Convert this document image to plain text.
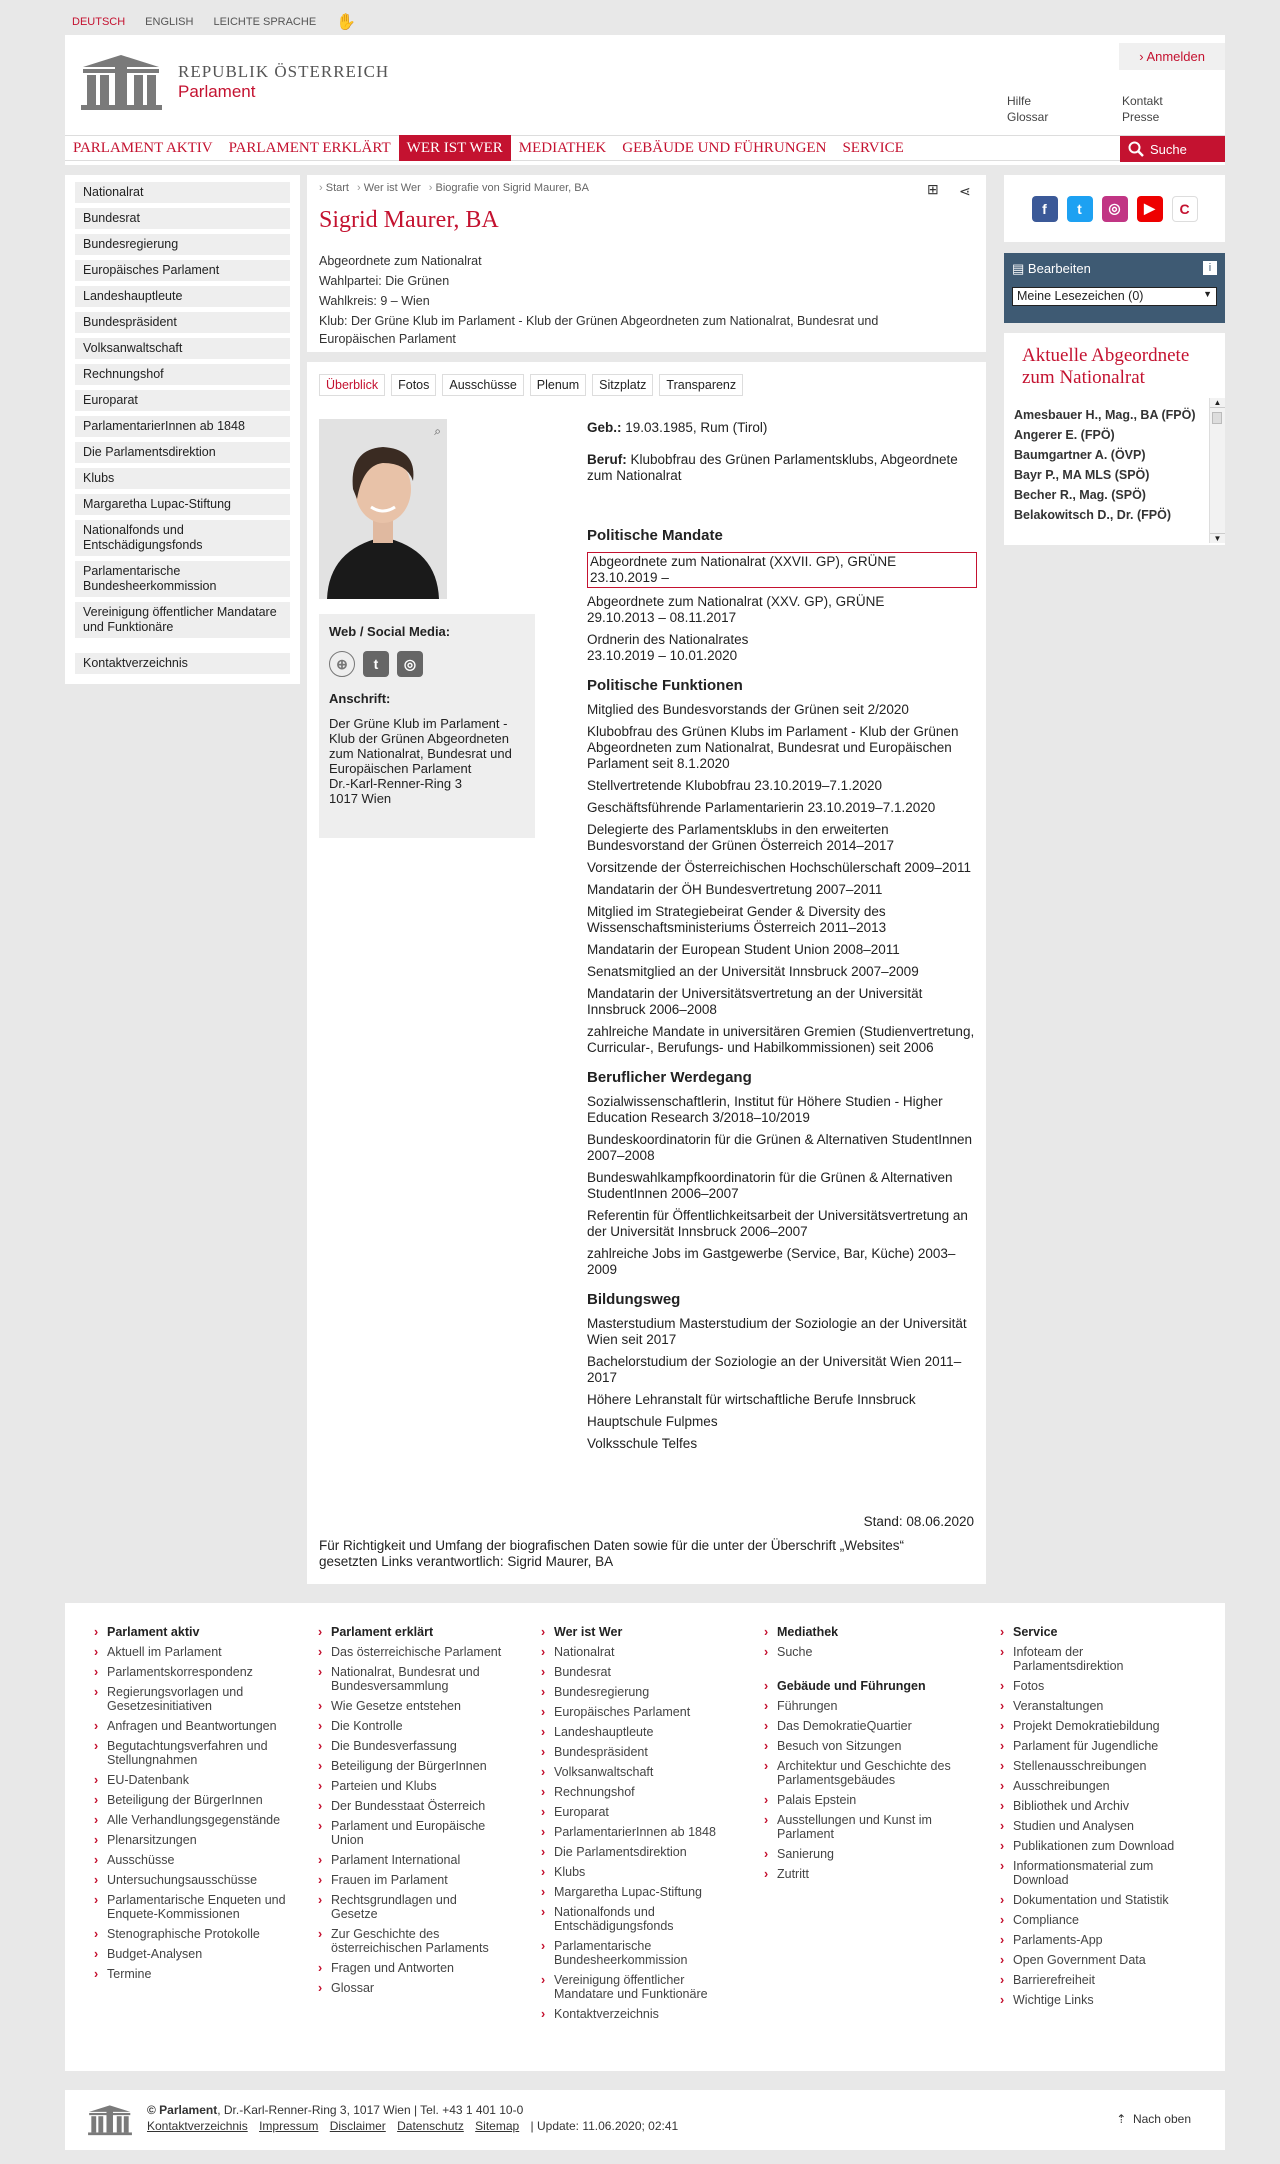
DEUTSCH ENGLISH LEICHTE SPRACHE ✋
REPUBLIK ÖSTERREICH
Parlament
› Anmelden
Hilfe
Glossar
Kontakt
Presse
PARLAMENT AKTIV	PARLAMENT ERKLÄRT	WER IST WER	MEDIATHEK	GEBÄUDE UND FÜHRUNGEN	SERVICE	Suche
Nationalrat
Bundesrat
Bundesregierung
Europäisches Parlament
Landeshauptleute
Bundespräsident
Volksanwaltschaft
Rechnungshof
Europarat
ParlamentarierInnen ab 1848
Die Parlamentsdirektion
Klubs
Margaretha Lupac-Stiftung
Nationalfonds und Entschädigungsfonds
Parlamentarische Bundesheerkommission
Vereinigung öffentlicher Mandatare und Funktionäre
Kontaktverzeichnis
› Start	› Wer ist Wer	› Biografie von Sigrid Maurer, BA	⊞ ⋖
Sigrid Maurer, BA
Abgeordnete zum Nationalrat
Wahlpartei: Die Grünen
Wahlkreis: 9 – Wien
Klub: Der Grüne Klub im Parlament - Klub der Grünen Abgeordneten zum Nationalrat, Bundesrat und Europäischen Parlament
Überblick	Fotos	Ausschüsse	Plenum	Sitzplatz	Transparenz
⌕
Web / Social Media:
⊕	t	◎
Anschrift:
Der Grüne Klub im Parlament - Klub der Grünen Abgeordneten zum Nationalrat, Bundesrat und Europäischen Parlament
Dr.-Karl-Renner-Ring 3
1017 Wien
Geb.: 19.03.1985, Rum (Tirol)
Beruf: Klubobfrau des Grünen Parlamentsklubs, Abgeordnete zum Nationalrat
Politische Mandate
Abgeordnete zum Nationalrat (XXVII. GP), GRÜNE
23.10.2019 –
Abgeordnete zum Nationalrat (XXV. GP), GRÜNE
29.10.2013 – 08.11.2017
Ordnerin des Nationalrates
23.10.2019 – 10.01.2020
Politische Funktionen
Mitglied des Bundesvorstands der Grünen seit 2/2020
Klubobfrau des Grünen Klubs im Parlament - Klub der Grünen Abgeordneten zum Nationalrat, Bundesrat und Europäischen Parlament seit 8.1.2020
Stellvertretende Klubobfrau 23.10.2019–7.1.2020
Geschäftsführende Parlamentarierin 23.10.2019–7.1.2020
Delegierte des Parlamentsklubs in den erweiterten Bundesvorstand der Grünen Österreich 2014–2017
Vorsitzende der Österreichischen Hochschülerschaft 2009–2011
Mandatarin der ÖH Bundesvertretung 2007–2011
Mitglied im Strategiebeirat Gender & Diversity des Wissenschaftsministeriums Österreich 2011–2013
Mandatarin der European Student Union 2008–2011
Senatsmitglied an der Universität Innsbruck 2007–2009
Mandatarin der Universitätsvertretung an der Universität Innsbruck 2006–2008
zahlreiche Mandate in universitären Gremien (Studienvertretung, Curricular-, Berufungs- und Habilkommissionen) seit 2006
Beruflicher Werdegang
Sozialwissenschaftlerin, Institut für Höhere Studien - Higher Education Research 3/2018–10/2019
Bundeskoordinatorin für die Grünen & Alternativen StudentInnen 2007–2008
Bundeswahlkampfkoordinatorin für die Grünen & Alternativen StudentInnen 2006–2007
Referentin für Öffentlichkeitsarbeit der Universitätsvertretung an der Universität Innsbruck 2006–2007
zahlreiche Jobs im Gastgewerbe (Service, Bar, Küche) 2003–2009
Bildungsweg
Masterstudium Masterstudium der Soziologie an der Universität Wien seit 2017
Bachelorstudium der Soziologie an der Universität Wien 2011–2017
Höhere Lehranstalt für wirtschaftliche Berufe Innsbruck
Hauptschule Fulpmes
Volksschule Telfes
Stand: 08.06.2020
Für Richtigkeit und Umfang der biografischen Daten sowie für die unter der Überschrift „Websites“ gesetzten Links verantwortlich: Sigrid Maurer, BA
f	t	◎	▶	C
▤ Bearbeiten	i
Meine Lesezeichen (0)	▼
Aktuelle Abgeordnete zum Nationalrat
Amesbauer H., Mag., BA (FPÖ)
Angerer E. (FPÖ)
Baumgartner A. (ÖVP)
Bayr P., MA MLS (SPÖ)
Becher R., Mag. (SPÖ)
Belakowitsch D., Dr. (FPÖ)
▲
▼
› Parlament aktiv
› Aktuell im Parlament
› Parlamentskorrespondenz
› Regierungsvorlagen und Gesetzesinitiativen
› Anfragen und Beantwortungen
› Begutachtungsverfahren und Stellungnahmen
› EU-Datenbank
› Beteiligung der BürgerInnen
› Alle Verhandlungsgegenstände
› Plenarsitzungen
› Ausschüsse
› Untersuchungsausschüsse
› Parlamentarische Enqueten und Enquete-Kommissionen
› Stenographische Protokolle
› Budget-Analysen
› Termine
› Parlament erklärt
› Das österreichische Parlament
› Nationalrat, Bundesrat und Bundesversammlung
› Wie Gesetze entstehen
› Die Kontrolle
› Die Bundesverfassung
› Beteiligung der BürgerInnen
› Parteien und Klubs
› Der Bundesstaat Österreich
› Parlament und Europäische Union
› Parlament International
› Frauen im Parlament
› Rechtsgrundlagen und Gesetze
› Zur Geschichte des österreichischen Parlaments
› Fragen und Antworten
› Glossar
› Wer ist Wer
› Nationalrat
› Bundesrat
› Bundesregierung
› Europäisches Parlament
› Landeshauptleute
› Bundespräsident
› Volksanwaltschaft
› Rechnungshof
› Europarat
› ParlamentarierInnen ab 1848
› Die Parlamentsdirektion
› Klubs
› Margaretha Lupac-Stiftung
› Nationalfonds und Entschädigungsfonds
› Parlamentarische Bundesheerkommission
› Vereinigung öffentlicher Mandatare und Funktionäre
› Kontaktverzeichnis
› Mediathek
› Suche
› Gebäude und Führungen
› Führungen
› Das DemokratieQuartier
› Besuch von Sitzungen
› Architektur und Geschichte des Parlamentsgebäudes
› Palais Epstein
› Ausstellungen und Kunst im Parlament
› Sanierung
› Zutritt
› Service
› Infoteam der Parlamentsdirektion
› Fotos
› Veranstaltungen
› Projekt Demokratiebildung
› Parlament für Jugendliche
› Stellenausschreibungen
› Ausschreibungen
› Bibliothek und Archiv
› Studien und Analysen
› Publikationen zum Download
› Informationsmaterial zum Download
› Dokumentation und Statistik
› Compliance
› Parlaments-App
› Open Government Data
› Barrierefreiheit
› Wichtige Links
© Parlament, Dr.-Karl-Renner-Ring 3, 1017 Wien | Tel. +43 1 401 10-0
Kontaktverzeichnis Impressum Disclaimer Datenschutz Sitemap | Update: 11.06.2020; 02:41	⇡ Nach oben
